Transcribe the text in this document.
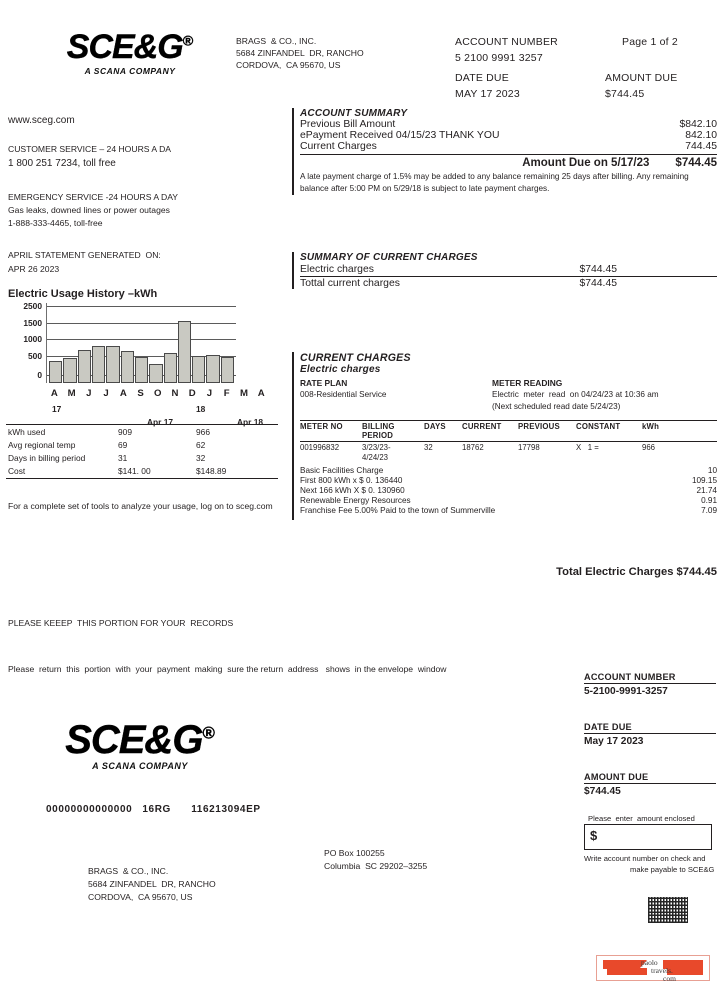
SCE&G®
A SCANA COMPANY
BRAGS  & CO., INC.
5684 ZINFANDEL  DR, RANCHO
CORDOVA,  CA 95670, US
ACCOUNT NUMBER
5 2100 9991 3257
Page 1 of 2
DATE DUE
MAY 17 2023
AMOUNT DUE
$744.45
www.sceg.com
CUSTOMER SERVICE – 24 HOURS A DA
1 800 251 7234, toll free
EMERGENCY SERVICE -24 HOURS A DAY
Gas leaks, downed lines or power outages
1-888-333-4465, toll-free
APRIL STATEMENT GENERATED  ON:
APR 26 2023
ACCOUNT SUMMARY
Previous Bill Amount	$842.10
ePayment Received 04/15/23 THANK YOU	842.10
Current Charges	744.45
Amount Due on 5/17/23 $744.45
A late payment charge of 1.5% may be added to any balance remaining 25 days after billing. Any remaining balance after 5:00 PM on 5/29/18 is subject to late payment charges.
SUMMARY OF CURRENT CHARGES
Electric charges	$744.45
Tottal current charges	$744.45
CURRENT CHARGES
Electric charges
RATE PLAN
008-Residential Service
METER READING
Electric  meter  read  on 04/24/23 at 10:36 am
(Next scheduled read date 5/24/23)
METER NO	BILLING PERIOD	DAYS	CURRENT	PREVIOUS	CONSTANT	kWh
001996832	3/23/23-	32	18762	17798	X 1 =	966
	4/24/23					
Basic Facilities Charge	10
First 800 kWh x $ 0. 136440	109.15
Next 166 kWh X $ 0. 130960	21.74
Renewable Energy Resources	0.91
Franchise Fee 5.00% Paid to the town of Summerville	7.09
Total Electric Charges $744.45
Electric Usage History –kWh
2500
1500
1000
500
0
A M	J	J	A	S	O N	D	J	F	M A
17	18
Apr 17	Apr 18
kWh used	909	966
Avg regional temp	69	62
Days in billing period	31	32
Cost	$141. 00	$148.89
For a complete set of tools to analyze your usage, log on to sceg.com
PLEASE KEEEP  THIS PORTION FOR YOUR  RECORDS
Please  return  this  portion  with  your  payment  making  sure the return  address   shows  in the envelope  window
SCE&G®
A SCANA COMPANY
00000000000000   16RG      116213094EP
BRAGS  & CO., INC.
5684 ZINFANDEL  DR, RANCHO
CORDOVA,  CA 95670, US
PO Box 100255
Columbia  SC 29202–3255
ACCOUNT NUMBER
5-2100-9991-3257
DATE DUE
May 17 2023
AMOUNT DUE
$744.45
Please  enter  amount enclosed
$
Write account number on check and
make payable to SCE&G
paolo
travels.
com
